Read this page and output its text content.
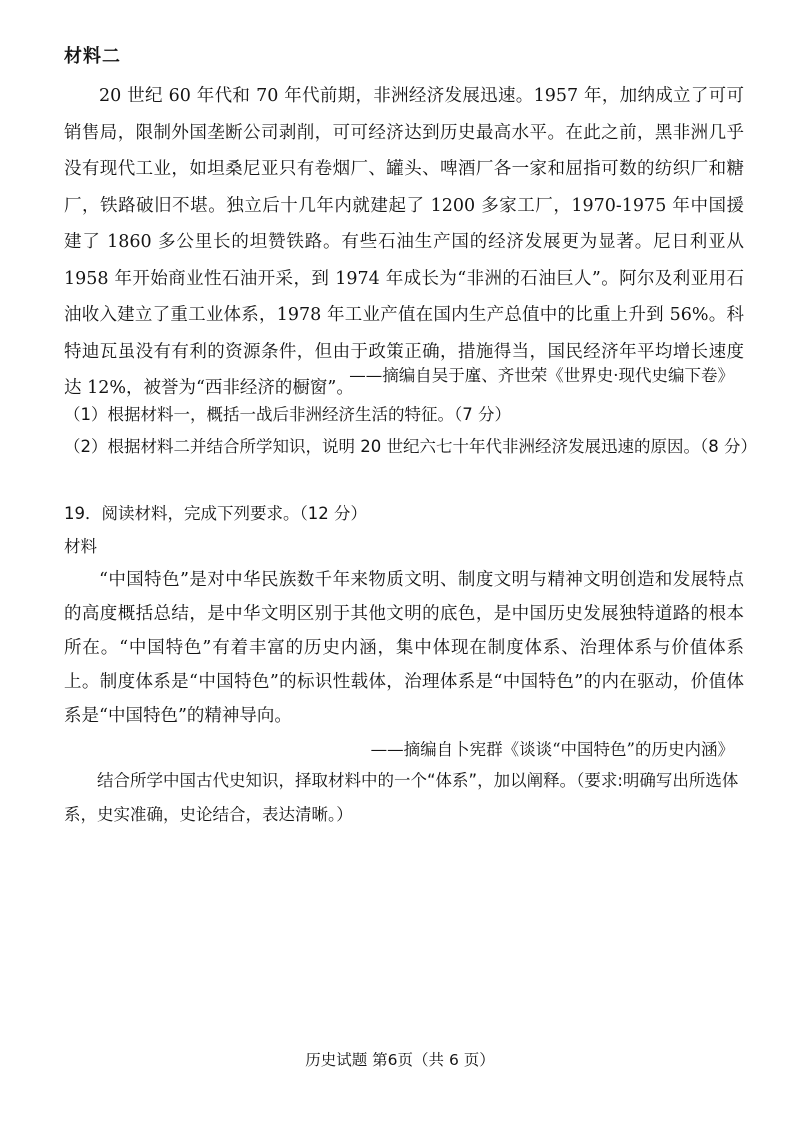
材料二

20 世纪 60 年代和 70 年代前期，非洲经济发展迅速。1957 年，加纳成立了可可销售局，限制外国垄断公司剥削，可可经济达到历史最高水平。在此之前，黑非洲几乎没有现代工业，如坦桑尼亚只有卷烟厂、罐头、啤酒厂各一家和屈指可数的纺织厂和糖厂，铁路破旧不堪。独立后十几年内就建起了 1200 多家工厂，1970-1975 年中国援建了 1860 多公里长的坦赞铁路。有些石油生产国的经济发展更为显著。尼日利亚从 1958 年开始商业性石油开采，到 1974 年成长为“非洲的石油巨人”。阿尔及利亚用石油收入建立了重工业体系，1978 年工业产值在国内生产总值中的比重上升到 56%。科特迪瓦虽没有有利的资源条件，但由于政策正确，措施得当，国民经济年平均增长速度达 12%，被誉为“西非经济的橱窗”。

——摘编自吴于廑、齐世荣《世界史·现代史编下卷》
（1）根据材料一，概括一战后非洲经济生活的特征。（7 分）
（2）根据材料二并结合所学知识，说明 20 世纪六七十年代非洲经济发展迅速的原因。（8 分）
19．阅读材料，完成下列要求。（12 分）
材料

“中国特色”是对中华民族数千年来物质文明、制度文明与精神文明创造和发展特点的高度概括总结，是中华文明区别于其他文明的底色，是中国历史发展独特道路的根本所在。“中国特色”有着丰富的历史内涵，集中体现在制度体系、治理体系与价值体系上。制度体系是“中国特色”的标识性载体，治理体系是“中国特色”的内在驱动，价值体系是“中国特色”的精神导向。

——摘编自卜宪群《谈谈“中国特色”的历史内涵》

结合所学中国古代史知识，择取材料中的一个“体系”，加以阐释。（要求:明确写出所选体系，史实准确，史论结合，表达清晰。）

历史试题 第6页（共 6 页）
